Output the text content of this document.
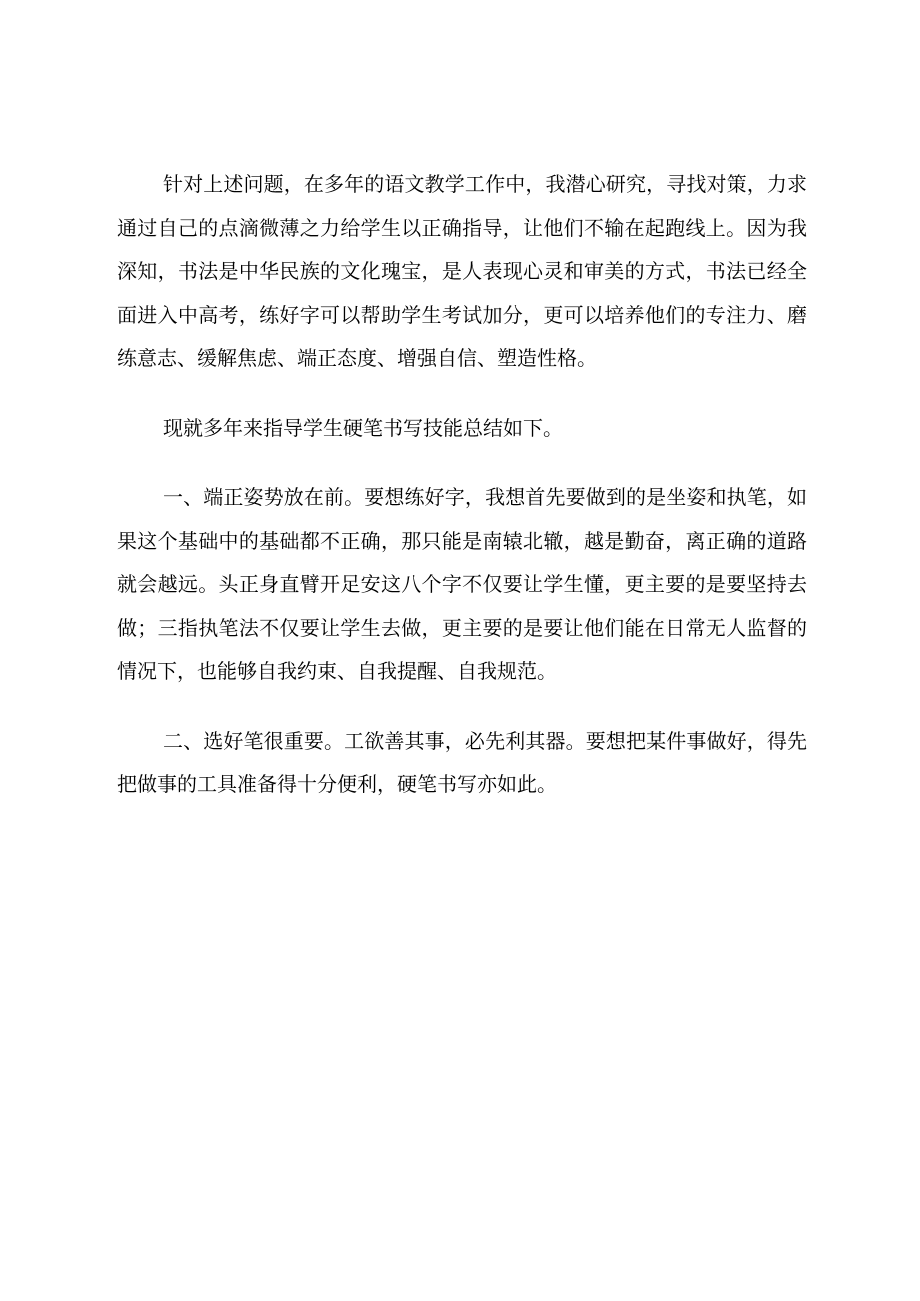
针对上述问题，在多年的语文教学工作中，我潜心研究，寻找对策，力求通过自己的点滴微薄之力给学生以正确指导，让他们不输在起跑线上。因为我深知，书法是中华民族的文化瑰宝，是人表现心灵和审美的方式，书法已经全面进入中高考，练好字可以帮助学生考试加分，更可以培养他们的专注力、磨练意志、缓解焦虑、端正态度、增强自信、塑造性格。

现就多年来指导学生硬笔书写技能总结如下。

一、端正姿势放在前。要想练好字，我想首先要做到的是坐姿和执笔，如果这个基础中的基础都不正确，那只能是南辕北辙，越是勤奋，离正确的道路就会越远。头正身直臂开足安这八个字不仅要让学生懂，更主要的是要坚持去做；三指执笔法不仅要让学生去做，更主要的是要让他们能在日常无人监督的情况下，也能够自我约束、自我提醒、自我规范。

二、选好笔很重要。工欲善其事，必先利其器。要想把某件事做好，得先把做事的工具准备得十分便利，硬笔书写亦如此。
